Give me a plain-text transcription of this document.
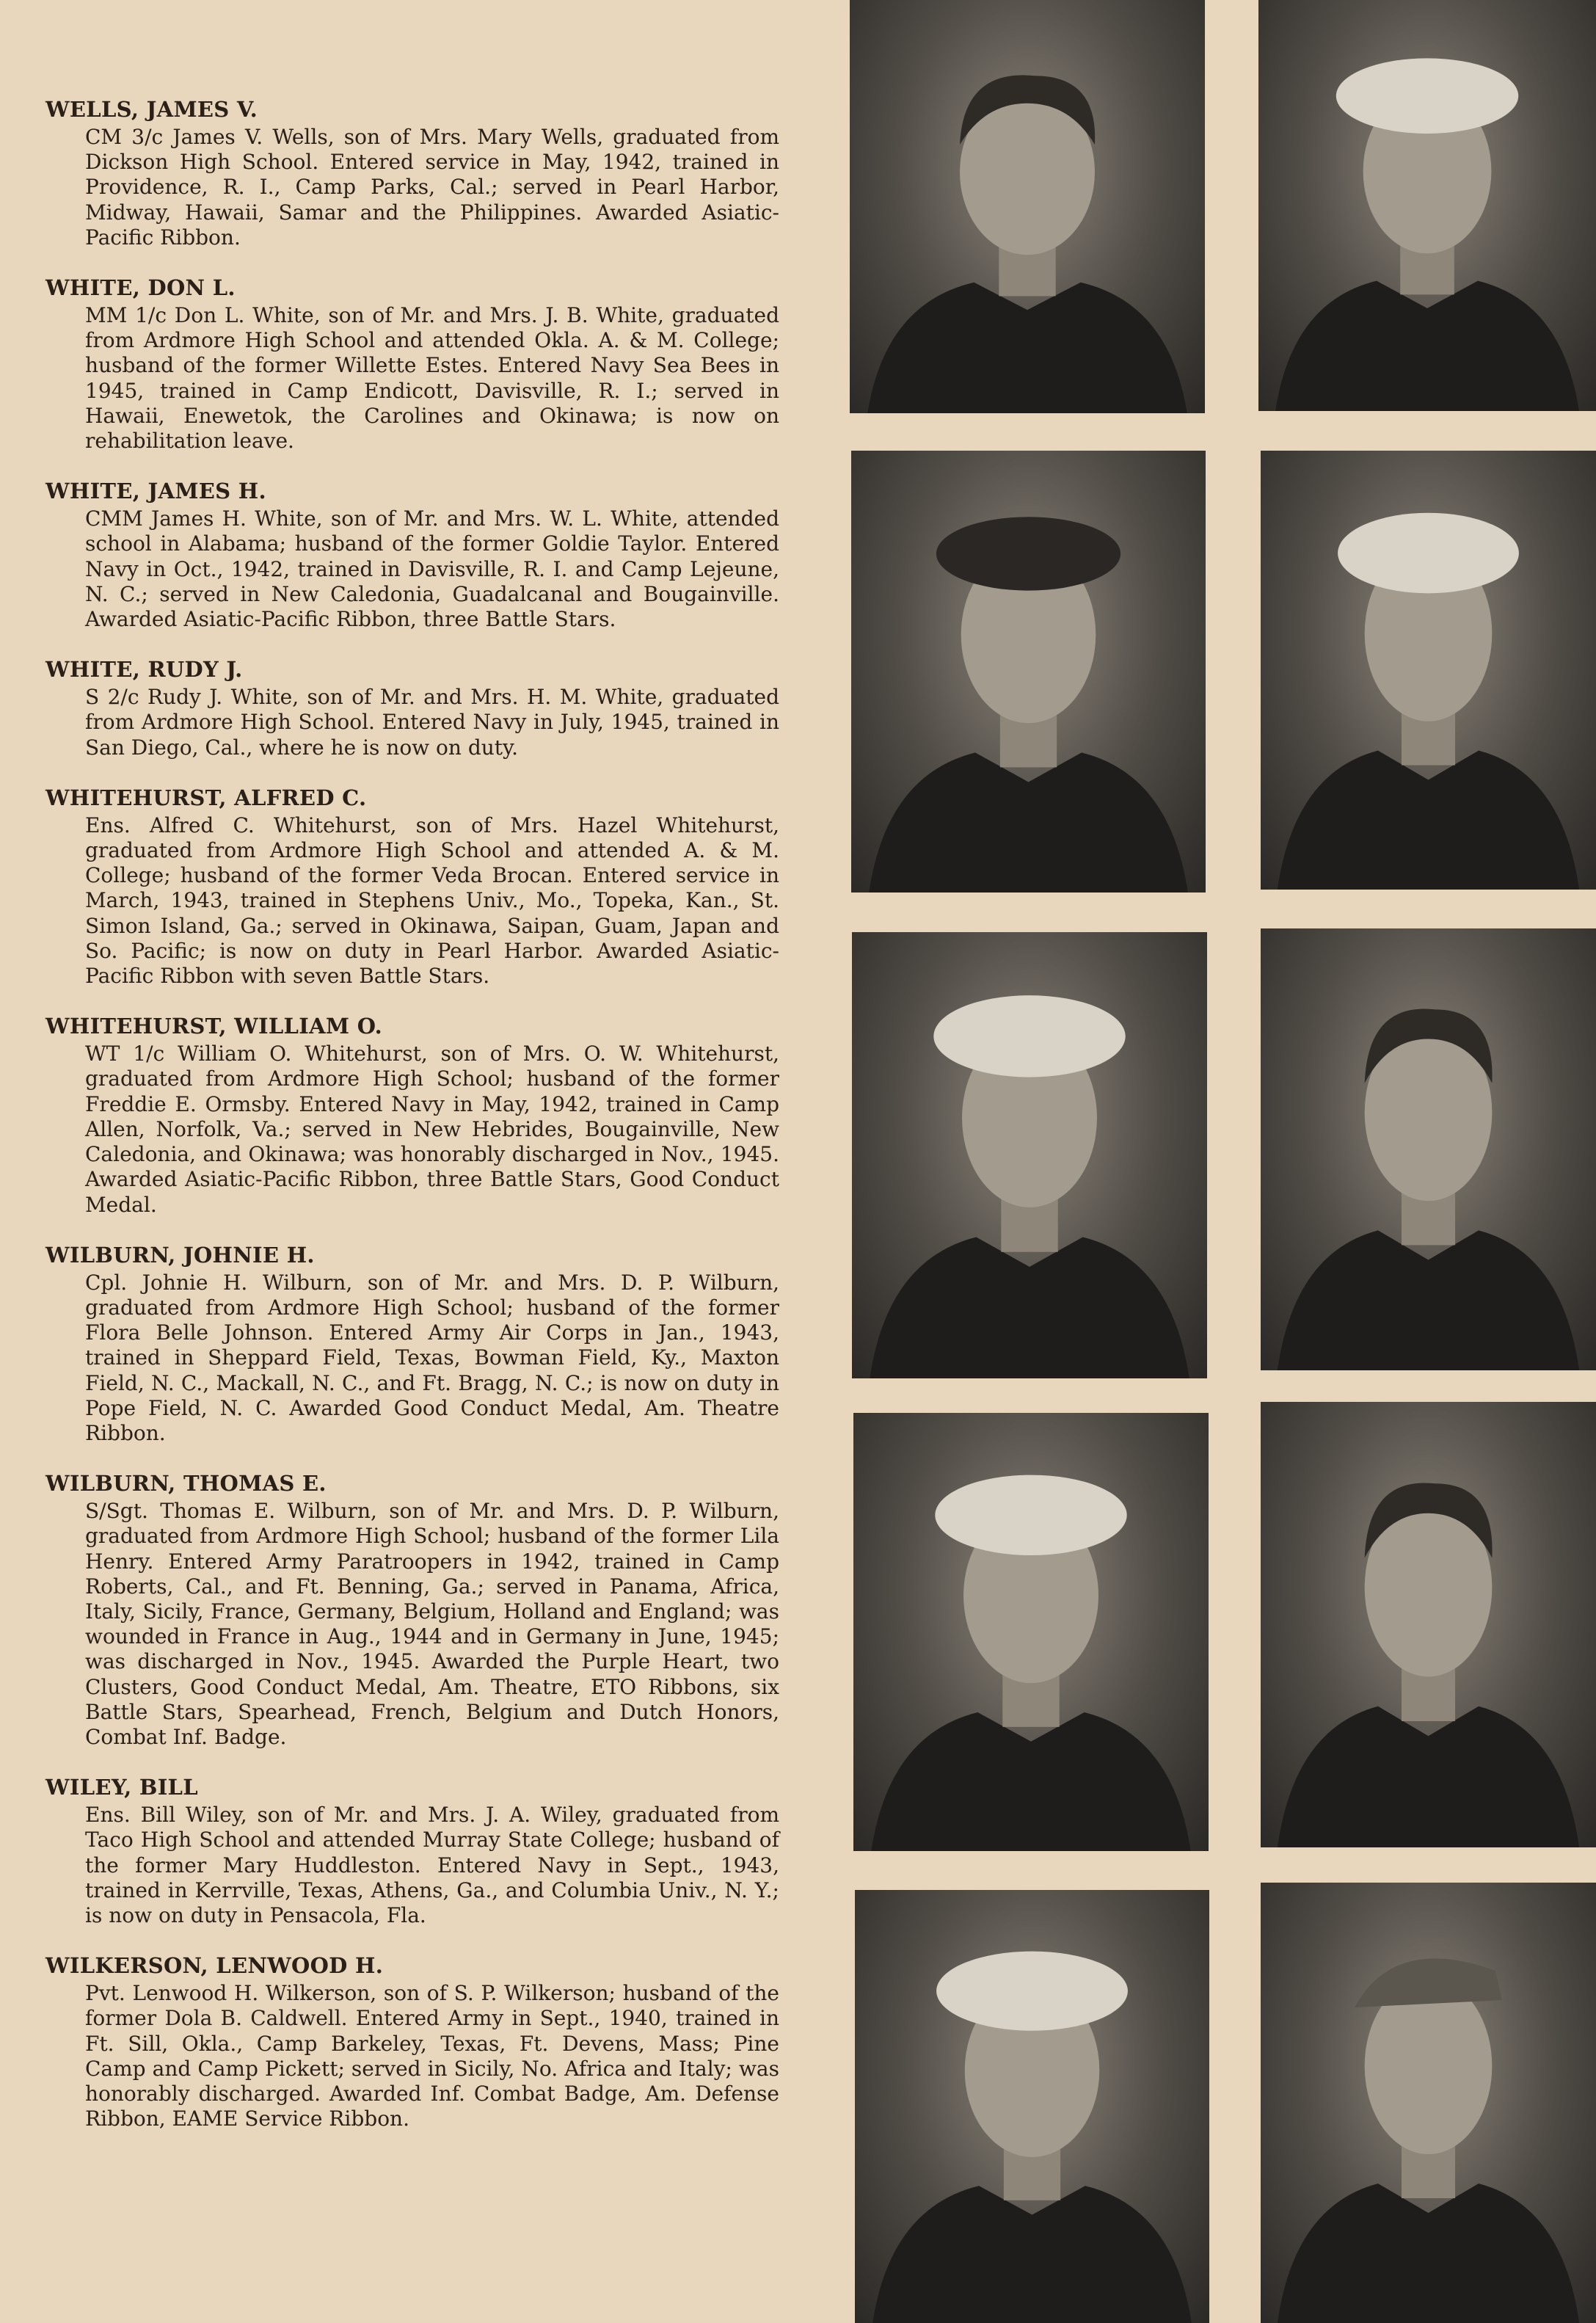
WELLS, JAMES V.

CM 3/c James V. Wells, son of Mrs. Mary Wells, graduated from Dickson High School. Entered service in May, 1942, trained in Providence, R. I., Camp Parks, Cal.; served in Pearl Harbor, Midway, Hawaii, Samar and the Philippines. Awarded Asiatic-Pacific Ribbon.

WHITE, DON L.

MM 1/c Don L. White, son of Mr. and Mrs. J. B. White, graduated from Ardmore High School and attended Okla. A. & M. College; husband of the former Willette Estes. Entered Navy Sea Bees in 1945, trained in Camp Endicott, Davisville, R. I.; served in Hawaii, Enewetok, the Carolines and Okinawa; is now on rehabilitation leave.

WHITE, JAMES H.

CMM James H. White, son of Mr. and Mrs. W. L. White, attended school in Alabama; husband of the former Goldie Taylor. Entered Navy in Oct., 1942, trained in Davisville, R. I. and Camp Lejeune, N. C.; served in New Caledonia, Guadalcanal and Bougainville. Awarded Asiatic-Pacific Ribbon, three Battle Stars.

WHITE, RUDY J.

S 2/c Rudy J. White, son of Mr. and Mrs. H. M. White, graduated from Ardmore High School. Entered Navy in July, 1945, trained in San Diego, Cal., where he is now on duty.

WHITEHURST, ALFRED C.

Ens. Alfred C. Whitehurst, son of Mrs. Hazel Whitehurst, graduated from Ardmore High School and attended A. & M. College; husband of the former Veda Brocan. Entered service in March, 1943, trained in Stephens Univ., Mo., Topeka, Kan., St. Simon Island, Ga.; served in Okinawa, Saipan, Guam, Japan and So. Pacific; is now on duty in Pearl Harbor. Awarded Asiatic-Pacific Ribbon with seven Battle Stars.

WHITEHURST, WILLIAM O.

WT 1/c William O. Whitehurst, son of Mrs. O. W. Whitehurst, graduated from Ardmore High School; husband of the former Freddie E. Ormsby. Entered Navy in May, 1942, trained in Camp Allen, Norfolk, Va.; served in New Hebrides, Bougainville, New Caledonia, and Okinawa; was honorably discharged in Nov., 1945. Awarded Asiatic-Pacific Ribbon, three Battle Stars, Good Conduct Medal.

WILBURN, JOHNIE H.

Cpl. Johnie H. Wilburn, son of Mr. and Mrs. D. P. Wilburn, graduated from Ardmore High School; husband of the former Flora Belle Johnson. Entered Army Air Corps in Jan., 1943, trained in Sheppard Field, Texas, Bowman Field, Ky., Maxton Field, N. C., Mackall, N. C., and Ft. Bragg, N. C.; is now on duty in Pope Field, N. C. Awarded Good Conduct Medal, Am. Theatre Ribbon.

WILBURN, THOMAS E.

S/Sgt. Thomas E. Wilburn, son of Mr. and Mrs. D. P. Wilburn, graduated from Ardmore High School; husband of the former Lila Henry. Entered Army Paratroopers in 1942, trained in Camp Roberts, Cal., and Ft. Benning, Ga.; served in Panama, Africa, Italy, Sicily, France, Germany, Belgium, Holland and England; was wounded in France in Aug., 1944 and in Germany in June, 1945; was discharged in Nov., 1945. Awarded the Purple Heart, two Clusters, Good Conduct Medal, Am. Theatre, ETO Ribbons, six Battle Stars, Spearhead, French, Belgium and Dutch Honors, Combat Inf. Badge.

WILEY, BILL

Ens. Bill Wiley, son of Mr. and Mrs. J. A. Wiley, graduated from Taco High School and attended Murray State College; husband of the former Mary Huddleston. Entered Navy in Sept., 1943, trained in Kerrville, Texas, Athens, Ga., and Columbia Univ., N. Y.; is now on duty in Pensacola, Fla.

WILKERSON, LENWOOD H.

Pvt. Lenwood H. Wilkerson, son of S. P. Wilkerson; husband of the former Dola B. Caldwell. Entered Army in Sept., 1940, trained in Ft. Sill, Okla., Camp Barkeley, Texas, Ft. Devens, Mass; Pine Camp and Camp Pickett; served in Sicily, No. Africa and Italy; was honorably discharged. Awarded Inf. Combat Badge, Am. Defense Ribbon, EAME Service Ribbon.
